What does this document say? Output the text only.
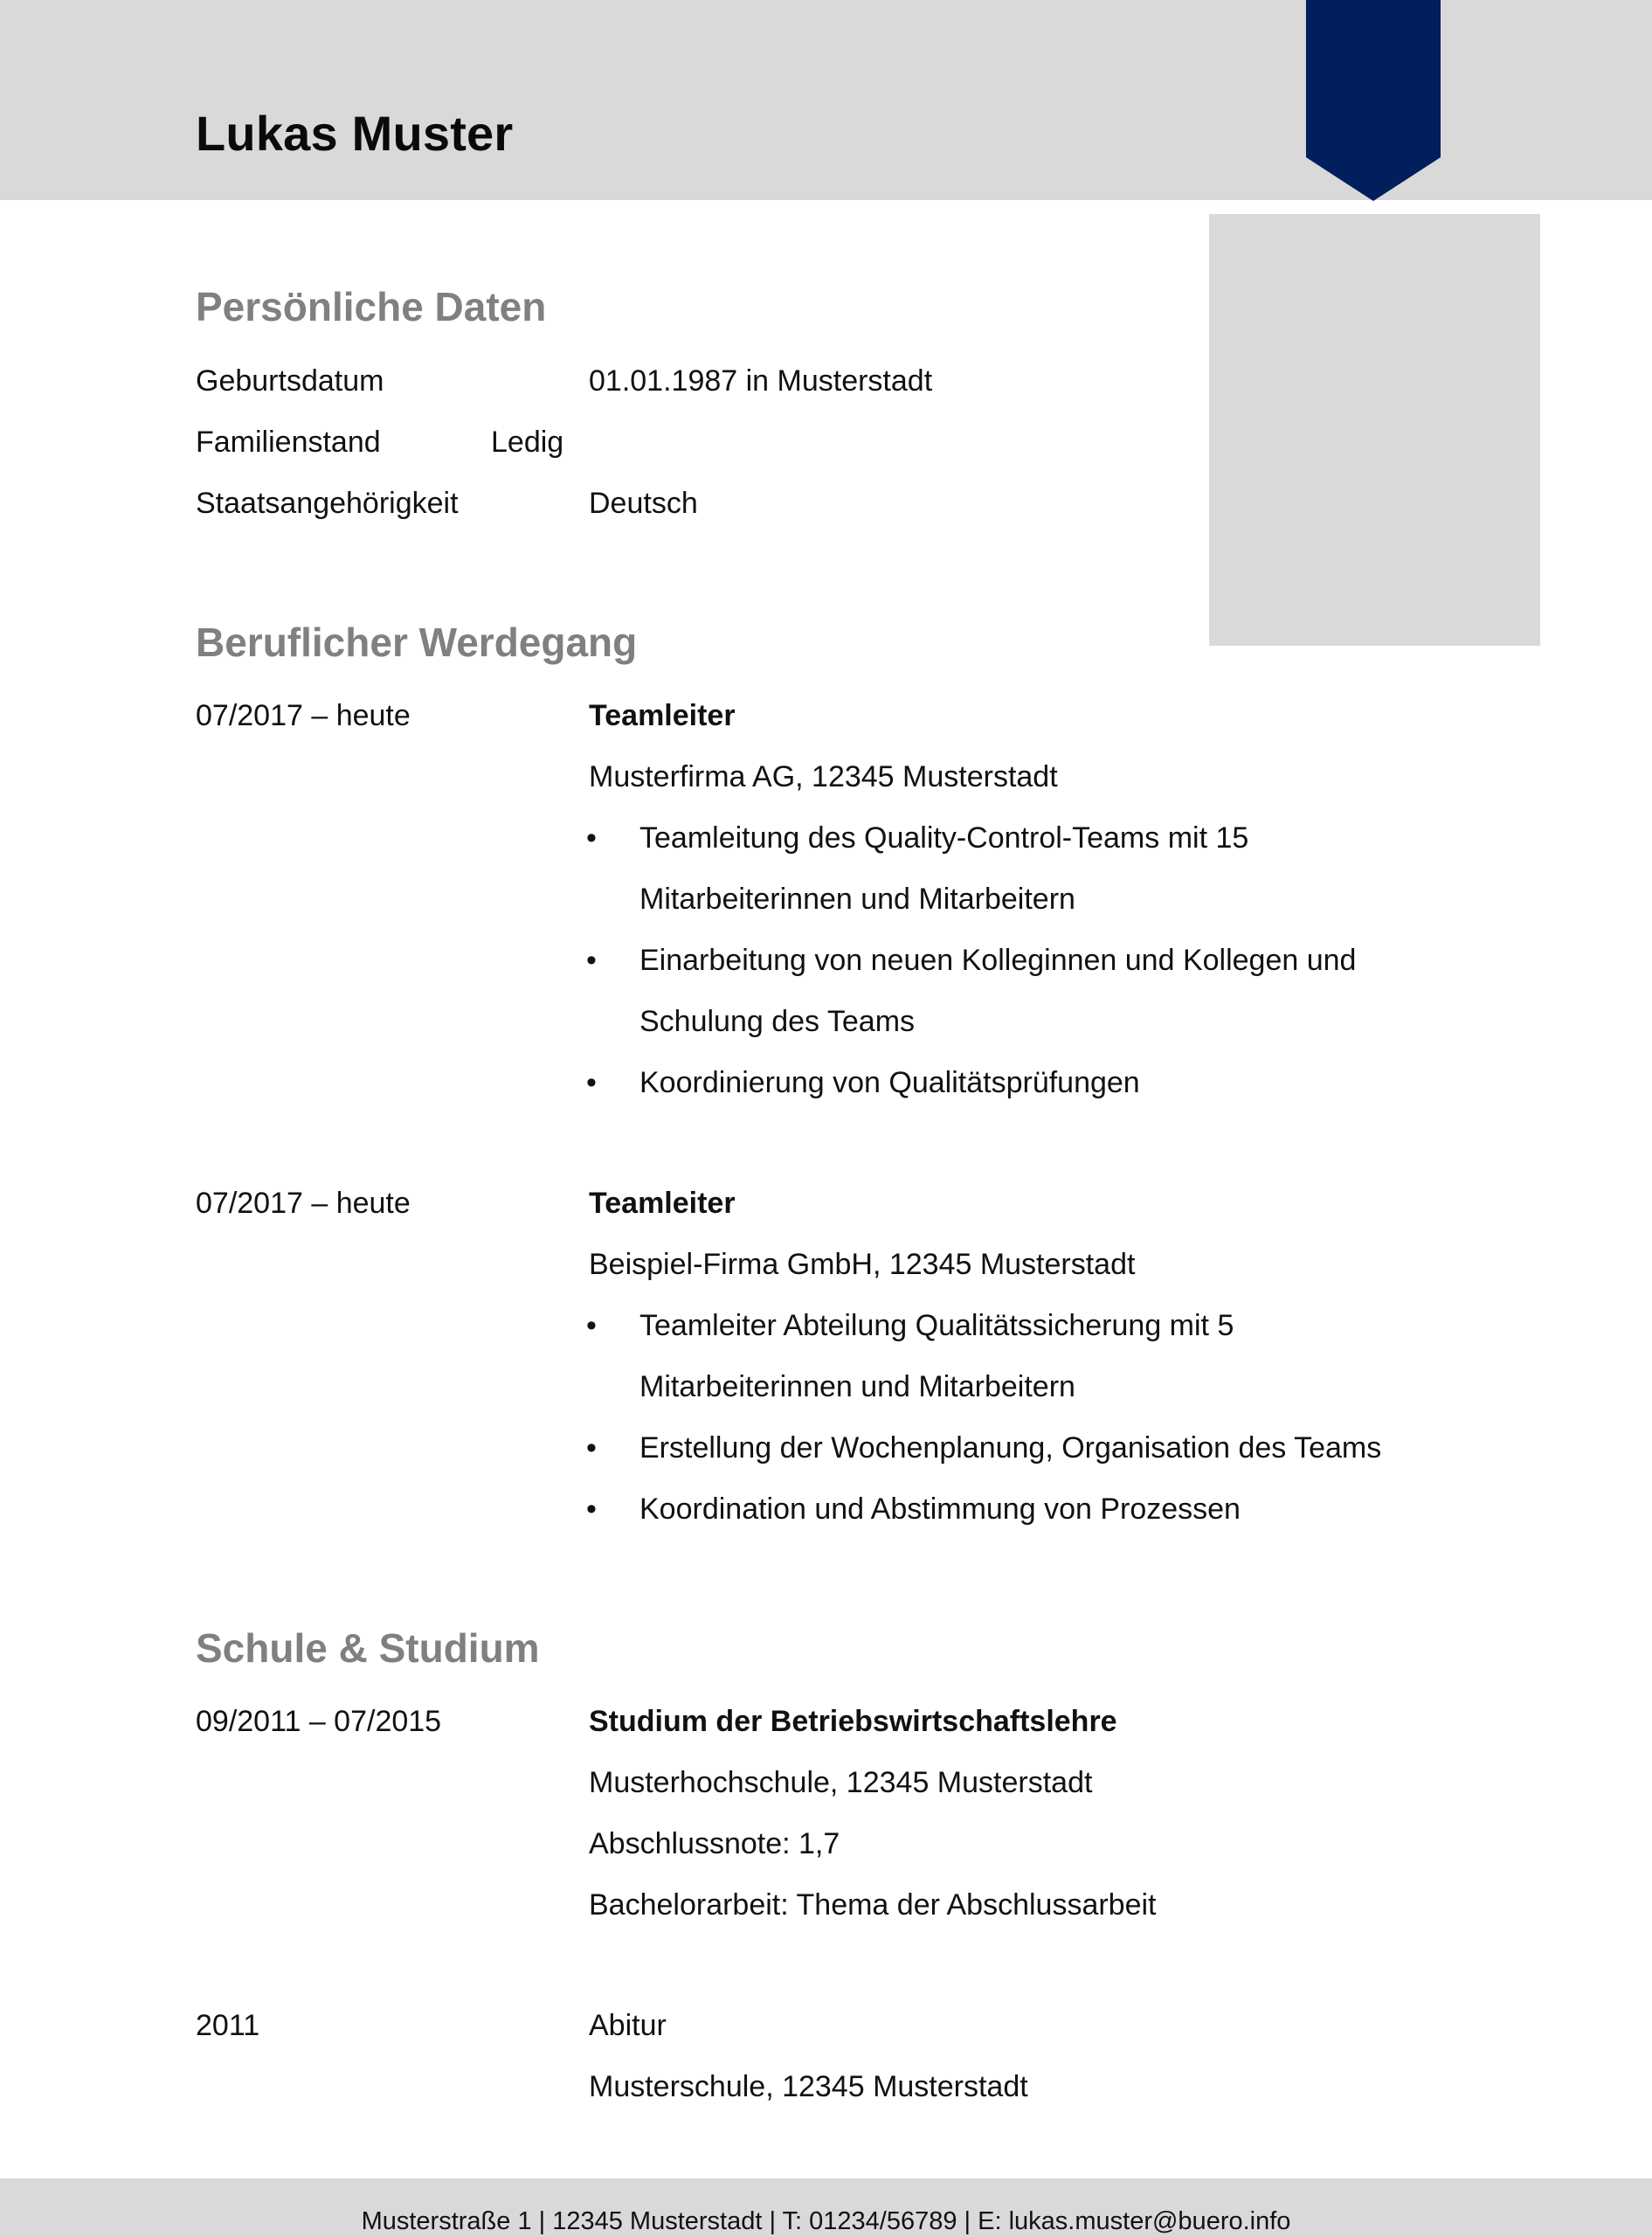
Lukas Muster
Persönliche Daten
Geburtsdatum	01.01.1987 in Musterstadt
Familienstand	Ledig
Staatsangehörigkeit	Deutsch
Beruflicher Werdegang
07/2017 – heute	Teamleiter
Musterfirma AG, 12345 Musterstadt
• Teamleitung des Quality-Control-Teams mit 15
Mitarbeiterinnen und Mitarbeitern
• Einarbeitung von neuen Kolleginnen und Kollegen und
Schulung des Teams
• Koordinierung von Qualitätsprüfungen
07/2017 – heute	Teamleiter
Beispiel-Firma GmbH, 12345 Musterstadt
• Teamleiter Abteilung Qualitätssicherung mit 5
Mitarbeiterinnen und Mitarbeitern
• Erstellung der Wochenplanung, Organisation des Teams
• Koordination und Abstimmung von Prozessen
Schule & Studium
09/2011 – 07/2015	Studium der Betriebswirtschaftslehre
Musterhochschule, 12345 Musterstadt
Abschlussnote: 1,7
Bachelorarbeit: Thema der Abschlussarbeit
2011	Abitur
Musterschule, 12345 Musterstadt
Musterstraße 1 | 12345 Musterstadt | T: 01234/56789 | E: lukas.muster@buero.info
